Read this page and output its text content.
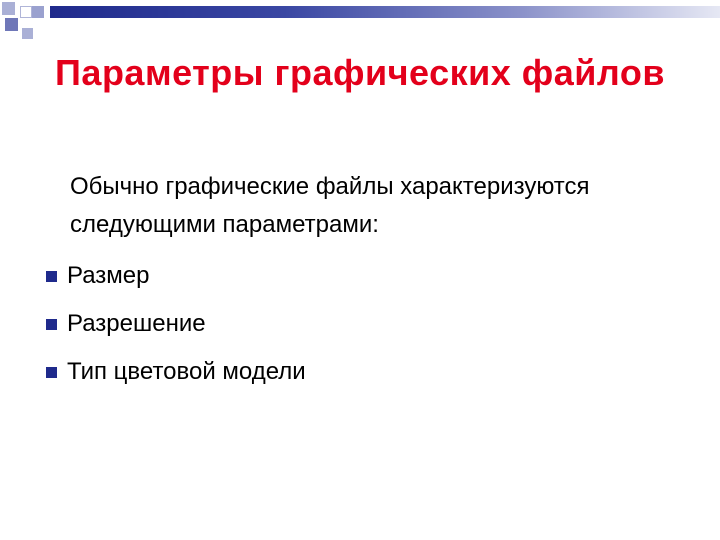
Параметры графических файлов

Обычно графические файлы характеризуются следующими параметрами:

Размер
Разрешение
Тип цветовой модели
